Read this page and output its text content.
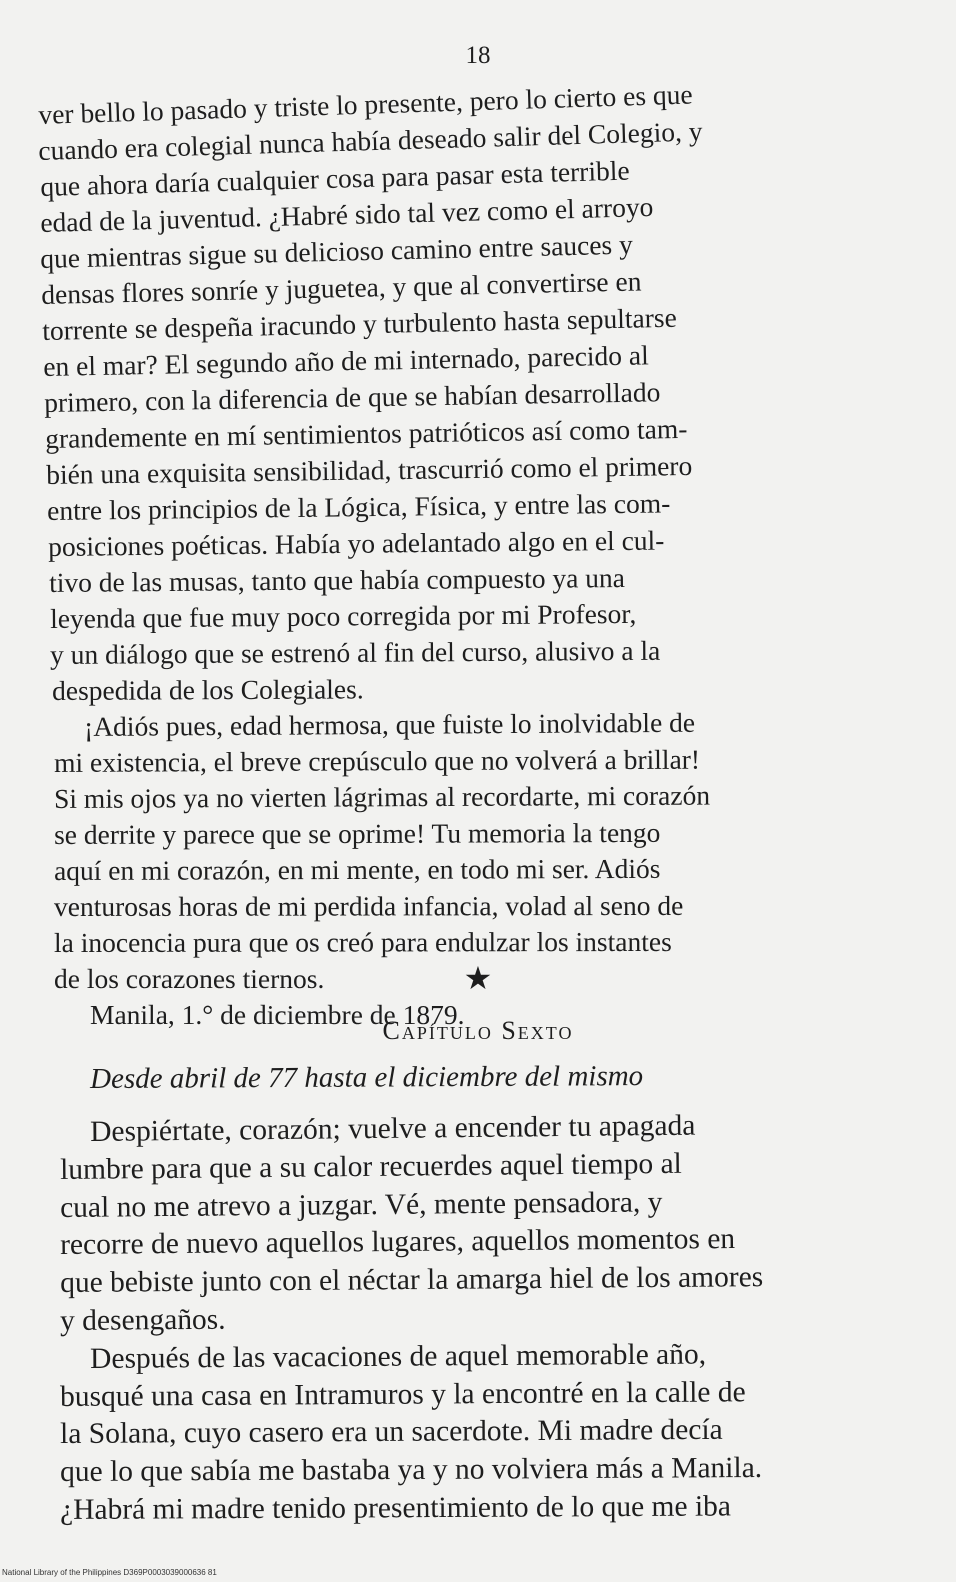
18
ver bello lo pasado y triste lo presente, pero lo cierto es que
cuando era colegial nunca había deseado salir del Colegio, y
que ahora daría cualquier cosa para pasar esta terrible
edad de la juventud. ¿Habré sido tal vez como el arroyo
que mientras sigue su delicioso camino entre sauces y
densas flores sonríe y juguetea, y que al convertirse en
torrente se despeña iracundo y turbulento hasta sepultarse
en el mar? El segundo año de mi internado, parecido al
primero, con la diferencia de que se habían desarrollado
grandemente en mí sentimientos patrióticos así como tam-
bién una exquisita sensibilidad, trascurrió como el primero
entre los principios de la Lógica, Física, y entre las com-
posiciones poéticas. Había yo adelantado algo en el cul-
tivo de las musas, tanto que había compuesto ya una
leyenda que fue muy poco corregida por mi Profesor,
y un diálogo que se estrenó al fin del curso, alusivo a la
despedida de los Colegiales.
¡Adiós pues, edad hermosa, que fuiste lo inolvidable de
mi existencia, el breve crepúsculo que no volverá a brillar!
Si mis ojos ya no vierten lágrimas al recordarte, mi corazón
se derrite y parece que se oprime! Tu memoria la tengo
aquí en mi corazón, en mi mente, en todo mi ser. Adiós
venturosas horas de mi perdida infancia, volad al seno de
la inocencia pura que os creó para endulzar los instantes
de los corazones tiernos.
Manila, 1.° de diciembre de 1879.
★
Capítulo Sexto
Desde abril de 77 hasta el diciembre del mismo
Despiértate, corazón; vuelve a encender tu apagada
lumbre para que a su calor recuerdes aquel tiempo al
cual no me atrevo a juzgar. Vé, mente pensadora, y
recorre de nuevo aquellos lugares, aquellos momentos en
que bebiste junto con el néctar la amarga hiel de los amores
y desengaños.
Después de las vacaciones de aquel memorable año,
busqué una casa en Intramuros y la encontré en la calle de
la Solana, cuyo casero era un sacerdote. Mi madre decía
que lo que sabía me bastaba ya y no volviera más a Manila.
¿Habrá mi madre tenido presentimiento de lo que me iba
National Library of the Philippines D369P0003039000636 81
